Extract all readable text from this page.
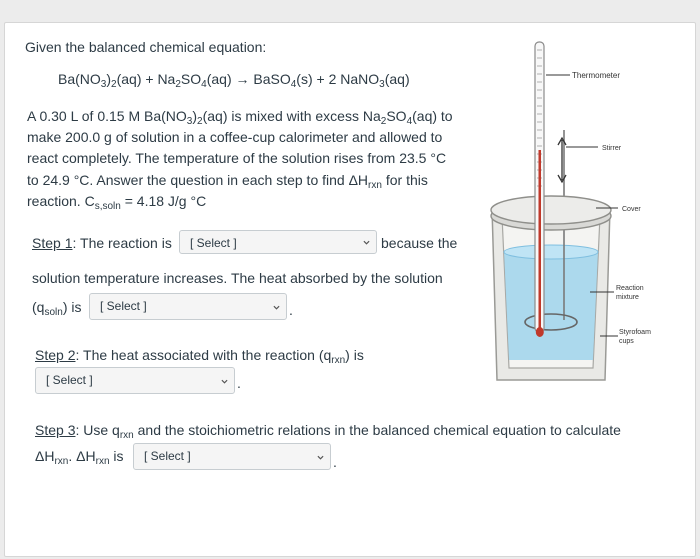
Given the balanced chemical equation:
$Ba(NO_3)_2(aq) + Na_2SO_4(aq)$ → BaSO$_4$(s) + 2 NaNO$_3$(aq)
A 0.30 L of 0.15 M $Ba(NO_3)_2(aq)$ is mixed with excess $Na_2SO_4(aq)$ to
make 200.0 g of solution in a coffee-cup calorimeter and allowed to
react completely. The temperature of the solution rises from 23.5 °C
to 24.9 °C. Answer the question in each step to find $\Delta H_{rxn}$ for this
reaction. $C_{s,soln} = 4.18$ J/g °C
Step 1: The reaction is [ Select ]	because the
solution temperature increases. The heat absorbed by the solution
$(q_{soln})$ is [ Select ]	.
Step 2: The heat associated with the reaction $(q_{rxn})$ is
[ Select ]	.
Step 3: Use $q_{rxn}$ and the stoichiometric relations in the balanced chemical equation to calculate
$\Delta H_{rxn}$. $\Delta H_{rxn}$ is [ Select ]	.
Thermometer
Stirrer
Cover
Reaction
mixture
Styrofoam
cups
